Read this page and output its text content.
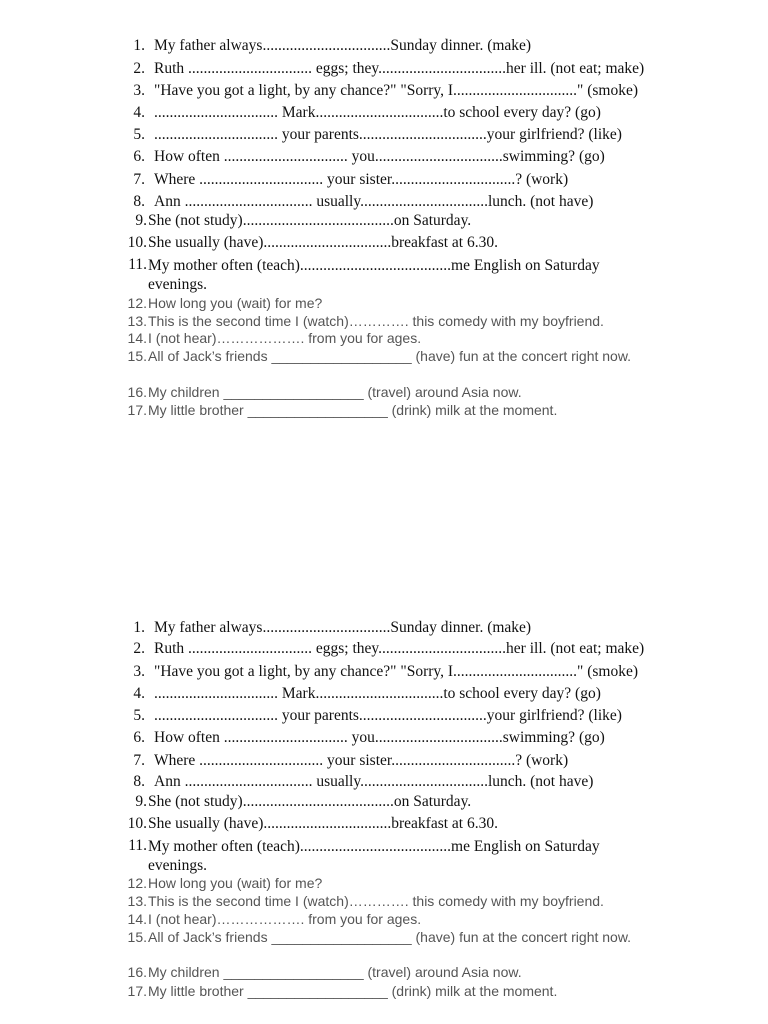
1. My father always.................................Sunday dinner. (make)
2. Ruth ................................ eggs; they.................................her ill. (not eat; make)
3. "Have you got a light, by any chance?" "Sorry, I................................" (smoke)
4. ................................ Mark.................................to school every day? (go)
5. ................................ your parents.................................your girlfriend? (like)
6. How often ................................ you.................................swimming? (go)
7. Where ................................ your sister................................? (work)
8. Ann ................................. usually.................................lunch. (not have)
9. She (not study).......................................on Saturday.
10. She usually (have).................................breakfast at 6.30.
11. My mother often (teach).......................................me English on Saturday evenings.
12. How long you (wait) for me?
13. This is the second time I (watch)…………. this comedy with my boyfriend.
14. I (not hear)………………. from you for ages.
15. All of Jack’s friends __________________ (have) fun at the concert right now.
16. My children __________________ (travel) around Asia now.
17. My little brother __________________ (drink) milk at the moment.
1. My father always.................................Sunday dinner. (make)
2. Ruth ................................ eggs; they.................................her ill. (not eat; make)
3. "Have you got a light, by any chance?" "Sorry, I................................" (smoke)
4. ................................ Mark.................................to school every day? (go)
5. ................................ your parents.................................your girlfriend? (like)
6. How often ................................ you.................................swimming? (go)
7. Where ................................ your sister................................? (work)
8. Ann ................................. usually.................................lunch. (not have)
9. She (not study).......................................on Saturday.
10. She usually (have).................................breakfast at 6.30.
11. My mother often (teach).......................................me English on Saturday evenings.
12. How long you (wait) for me?
13. This is the second time I (watch)…………. this comedy with my boyfriend.
14. I (not hear)………………. from you for ages.
15. All of Jack’s friends __________________ (have) fun at the concert right now.
16. My children __________________ (travel) around Asia now.
17. My little brother __________________ (drink) milk at the moment.
